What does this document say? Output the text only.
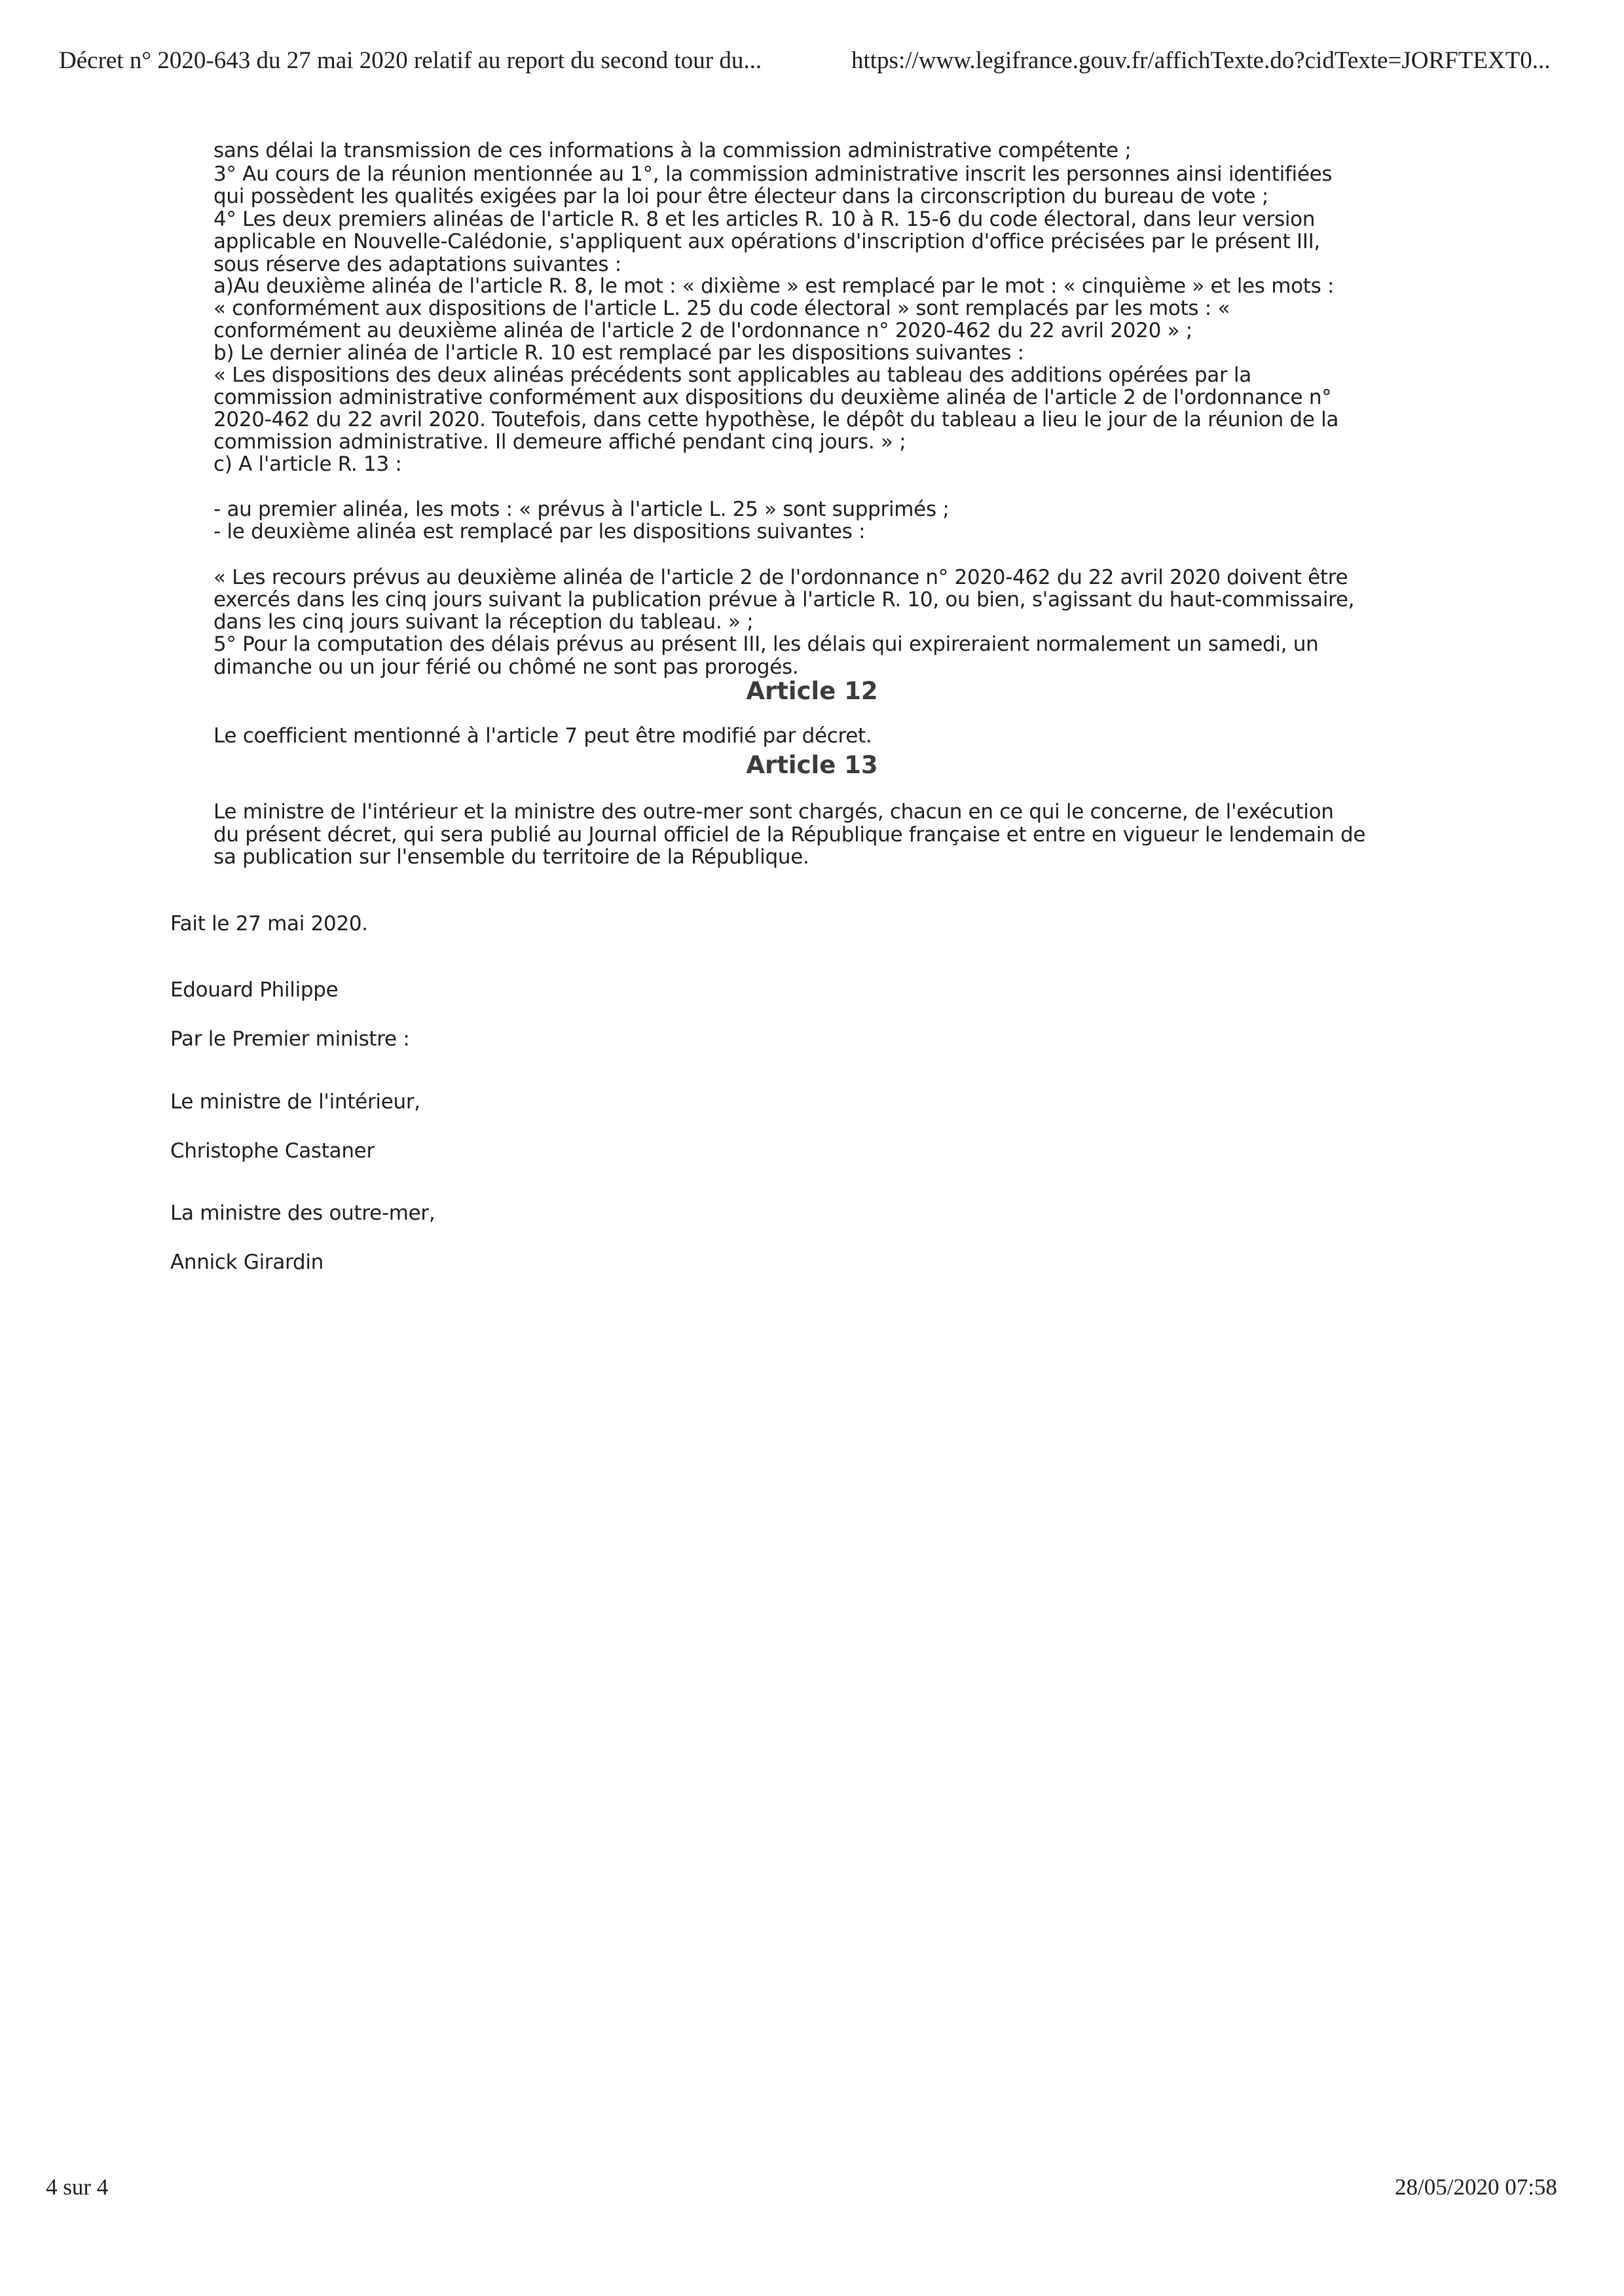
Décret n° 2020-643 du 27 mai 2020 relatif au report du second tour du...	https://www.legifrance.gouv.fr/affichTexte.do?cidTexte=JORFTEXT0...
sans délai la transmission de ces informations à la commission administrative compétente ;
3° Au cours de la réunion mentionnée au 1°, la commission administrative inscrit les personnes ainsi identifiées
qui possèdent les qualités exigées par la loi pour être électeur dans la circonscription du bureau de vote ;
4° Les deux premiers alinéas de l'article R. 8 et les articles R. 10 à R. 15-6 du code électoral, dans leur version
applicable en Nouvelle-Calédonie, s'appliquent aux opérations d'inscription d'office précisées par le présent III,
sous réserve des adaptations suivantes :
a)Au deuxième alinéa de l'article R. 8, le mot : « dixième » est remplacé par le mot : « cinquième » et les mots :
« conformément aux dispositions de l'article L. 25 du code électoral » sont remplacés par les mots : «
conformément au deuxième alinéa de l'article 2 de l'ordonnance n° 2020-462 du 22 avril 2020 » ;
b) Le dernier alinéa de l'article R. 10 est remplacé par les dispositions suivantes :
« Les dispositions des deux alinéas précédents sont applicables au tableau des additions opérées par la
commission administrative conformément aux dispositions du deuxième alinéa de l'article 2 de l'ordonnance n°
2020-462 du 22 avril 2020. Toutefois, dans cette hypothèse, le dépôt du tableau a lieu le jour de la réunion de la
commission administrative. Il demeure affiché pendant cinq jours. » ;
c) A l'article R. 13 :
- au premier alinéa, les mots : « prévus à l'article L. 25 » sont supprimés ;
- le deuxième alinéa est remplacé par les dispositions suivantes :
« Les recours prévus au deuxième alinéa de l'article 2 de l'ordonnance n° 2020-462 du 22 avril 2020 doivent être
exercés dans les cinq jours suivant la publication prévue à l'article R. 10, ou bien, s'agissant du haut-commissaire,
dans les cinq jours suivant la réception du tableau. » ;
5° Pour la computation des délais prévus au présent III, les délais qui expireraient normalement un samedi, un
dimanche ou un jour férié ou chômé ne sont pas prorogés.
Article 12
Le coefficient mentionné à l'article 7 peut être modifié par décret.
Article 13
Le ministre de l'intérieur et la ministre des outre-mer sont chargés, chacun en ce qui le concerne, de l'exécution
du présent décret, qui sera publié au Journal officiel de la République française et entre en vigueur le lendemain de
sa publication sur l'ensemble du territoire de la République.
Fait le 27 mai 2020.
Edouard Philippe
Par le Premier ministre :
Le ministre de l'intérieur,
Christophe Castaner
La ministre des outre-mer,
Annick Girardin
4 sur 4	28/05/2020 07:58
